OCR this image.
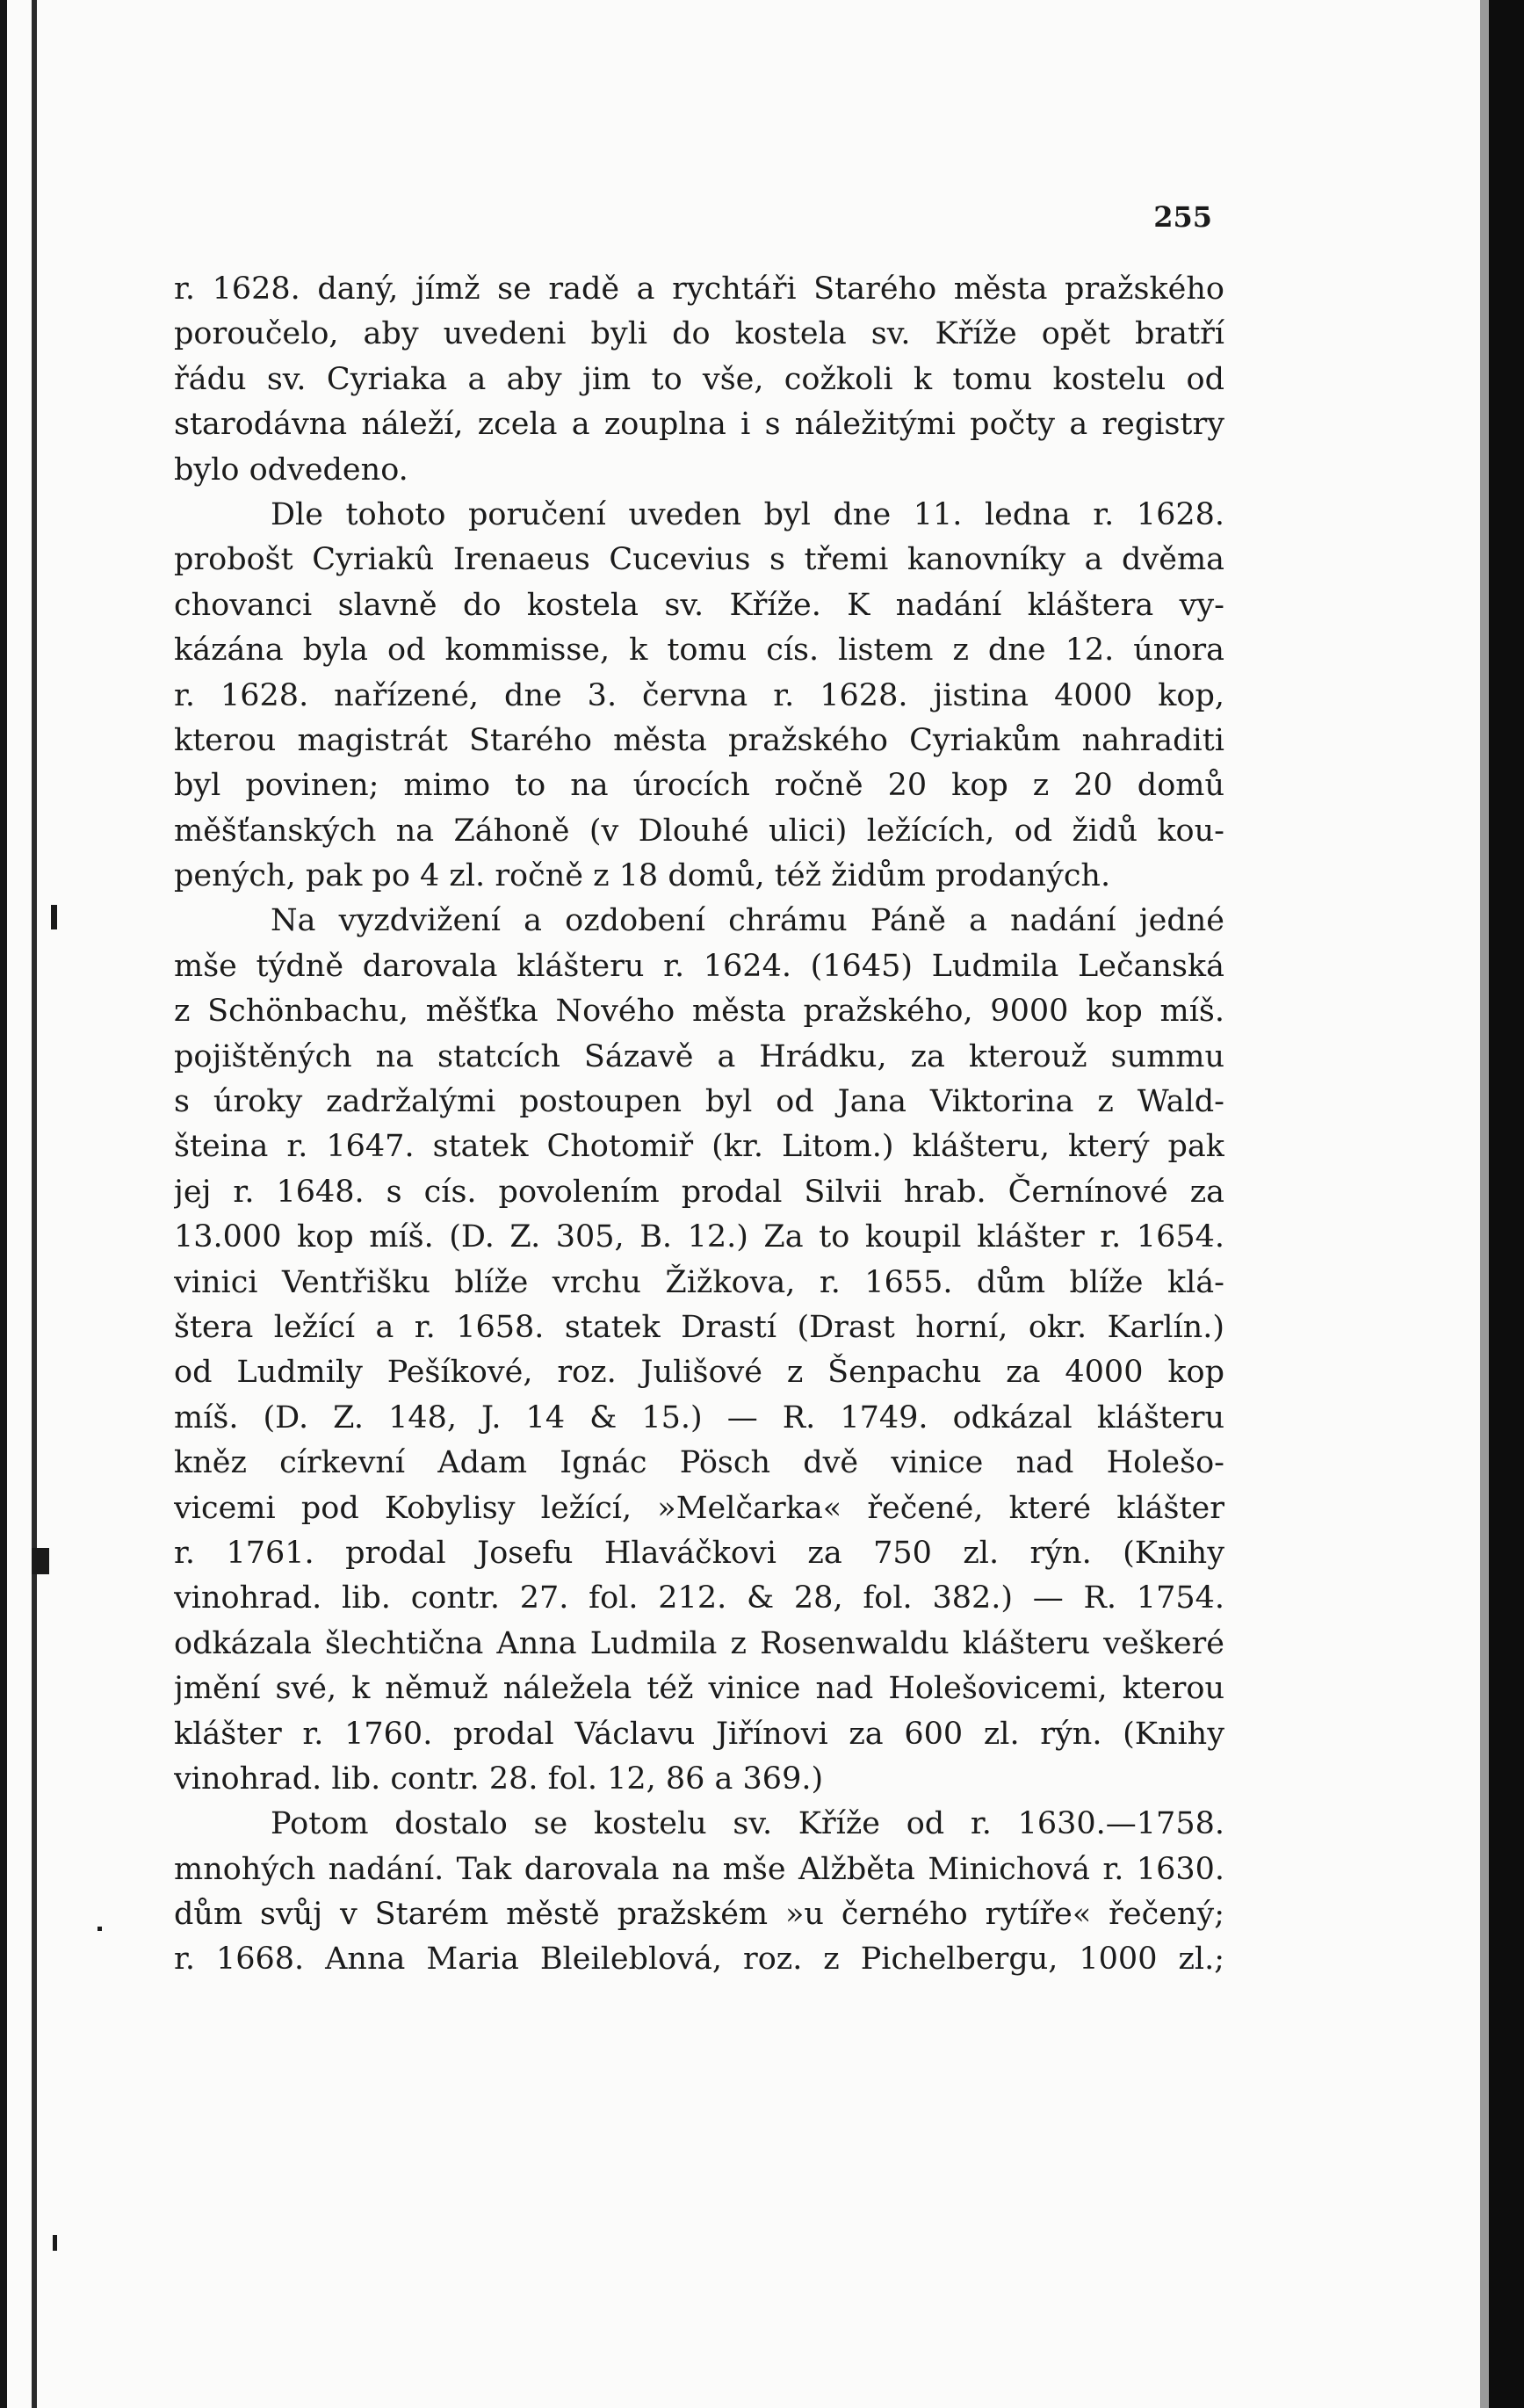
255
r. 1628. daný, jímž se radě a rychtáři Starého města pražského
poroučelo, aby uvedeni byli do kostela sv. Kříže opět bratří
řádu sv. Cyriaka a aby jim to vše, cožkoli k tomu kostelu od
starodávna náleží, zcela a zouplna i s náležitými počty a registry
bylo odvedeno.
Dle tohoto poručení uveden byl dne 11. ledna r. 1628.
probošt Cyriakû Irenaeus Cucevius s třemi kanovníky a dvěma
chovanci slavně do kostela sv. Kříže. K nadání kláštera vy-
kázána byla od kommisse, k tomu cís. listem z dne 12. února
r. 1628. nařízené, dne 3. června r. 1628. jistina 4000 kop,
kterou magistrát Starého města pražského Cyriakům nahraditi
byl povinen; mimo to na úrocích ročně 20 kop z 20 domů
měšťanských na Záhoně (v Dlouhé ulici) ležících, od židů kou-
pených, pak po 4 zl. ročně z 18 domů, též židům prodaných.
Na vyzdvižení a ozdobení chrámu Páně a nadání jedné
mše týdně darovala klášteru r. 1624. (1645) Ludmila Lečanská
z Schönbachu, měšťka Nového města pražského, 9000 kop míš.
pojištěných na statcích Sázavě a Hrádku, za kterouž summu
s úroky zadržalými postoupen byl od Jana Viktorina z Wald-
šteina r. 1647. statek Chotomiř (kr. Litom.) klášteru, který pak
jej r. 1648. s cís. povolením prodal Silvii hrab. Černínové za
13.000 kop míš. (D. Z. 305, B. 12.) Za to koupil klášter r. 1654.
vinici Ventřišku blíže vrchu Žižkova, r. 1655. dům blíže klá-
štera ležící a r. 1658. statek Drastí (Drast horní, okr. Karlín.)
od Ludmily Pešíkové, roz. Julišové z Šenpachu za 4000 kop
míš. (D. Z. 148, J. 14 & 15.) — R. 1749. odkázal klášteru
kněz církevní Adam Ignác Pösch dvě vinice nad Holešo-
vicemi pod Kobylisy ležící, »Melčarka« řečené, které klášter
r. 1761. prodal Josefu Hlaváčkovi za 750 zl. rýn. (Knihy
vinohrad. lib. contr. 27. fol. 212. & 28, fol. 382.) — R. 1754.
odkázala šlechtična Anna Ludmila z Rosenwaldu klášteru veškeré
jmění své, k němuž náležela též vinice nad Holešovicemi, kterou
klášter r. 1760. prodal Václavu Jiřínovi za 600 zl. rýn. (Knihy
vinohrad. lib. contr. 28. fol. 12, 86 a 369.)
Potom dostalo se kostelu sv. Kříže od r. 1630.—1758.
mnohých nadání. Tak darovala na mše Alžběta Minichová r. 1630.
dům svůj v Starém městě pražském »u černého rytíře« řečený;
r. 1668. Anna Maria Bleileblová, roz. z Pichelbergu, 1000 zl.;
